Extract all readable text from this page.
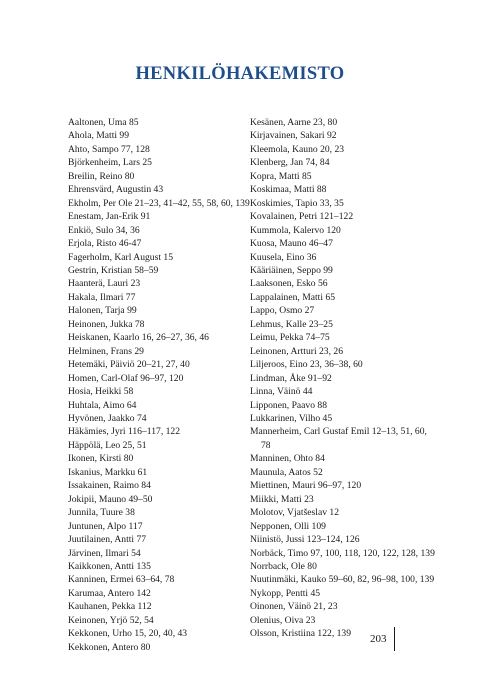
HENKILÖHAKEMISTO
Aaltonen, Uma 85
Ahola, Matti 99
Ahto, Sampo 77, 128
Björkenheim, Lars 25
Breilin, Reino 80
Ehrensvärd, Augustin 43
Ekholm, Per Ole 21–23, 41–42, 55, 58, 60, 139
Enestam, Jan-Erik 91
Enkiö, Sulo 34, 36
Erjola, Risto 46-47
Fagerholm, Karl August 15
Gestrin, Kristian 58–59
Haanterä, Lauri 23
Hakala, Ilmari 77
Halonen, Tarja 99
Heinonen, Jukka 78
Heiskanen, Kaarlo 16, 26–27, 36, 46
Helminen, Frans 29
Hetemäki, Päiviö 20–21, 27, 40
Homen, Carl-Olaf 96–97, 120
Hosia, Heikki 58
Huhtala, Aimo 64
Hyvönen, Jaakko 74
Häkämies, Jyri 116–117, 122
Häppölä, Leo 25, 51
Ikonen, Kirsti 80
Iskanius, Markku 61
Issakainen, Raimo 84
Jokipii, Mauno 49–50
Junnila, Tuure 38
Juntunen, Alpo 117
Juutilainen, Antti 77
Järvinen, Ilmari 54
Kaikkonen, Antti 135
Kanninen, Ermei 63–64, 78
Karumaa, Antero 142
Kauhanen, Pekka 112
Keinonen, Yrjö 52, 54
Kekkonen, Urho 15, 20, 40, 43
Kekkonen, Antero 80
Kesänen, Aarne 23, 80
Kirjavainen, Sakari 92
Kleemola, Kauno 20, 23
Klenberg, Jan 74, 84
Kopra, Matti 85
Koskimaa, Matti 88
Koskimies, Tapio 33, 35
Kovalainen, Petri 121–122
Kummola, Kalervo 120
Kuosa, Mauno 46–47
Kuusela, Eino 36
Kääriäinen, Seppo 99
Laaksonen, Esko 56
Lappalainen, Matti 65
Lappo, Osmo 27
Lehmus, Kalle 23–25
Leimu, Pekka 74–75
Leinonen, Artturi 23, 26
Liljeroos, Eino 23, 36–38, 60
Lindman, Åke 91–92
Linna, Väinö 44
Lipponen, Paavo 88
Lukkarinen, Vilho 45
Mannerheim, Carl Gustaf Emil 12–13, 51, 60, 78
Manninen, Ohto 84
Maunula, Aatos 52
Miettinen, Mauri 96–97, 120
Miikki, Matti 23
Molotov, Vjatšeslav 12
Nepponen, Olli 109
Niinistö, Jussi 123–124, 126
Norbäck, Timo 97, 100, 118, 120, 122, 128, 139
Norrback, Ole 80
Nuutinmäki, Kauko 59–60, 82, 96–98, 100, 139
Nykopp, Pentti 45
Oinonen, Väinö 21, 23
Olenius, Oiva 23
Olsson, Kristiina 122, 139	203
